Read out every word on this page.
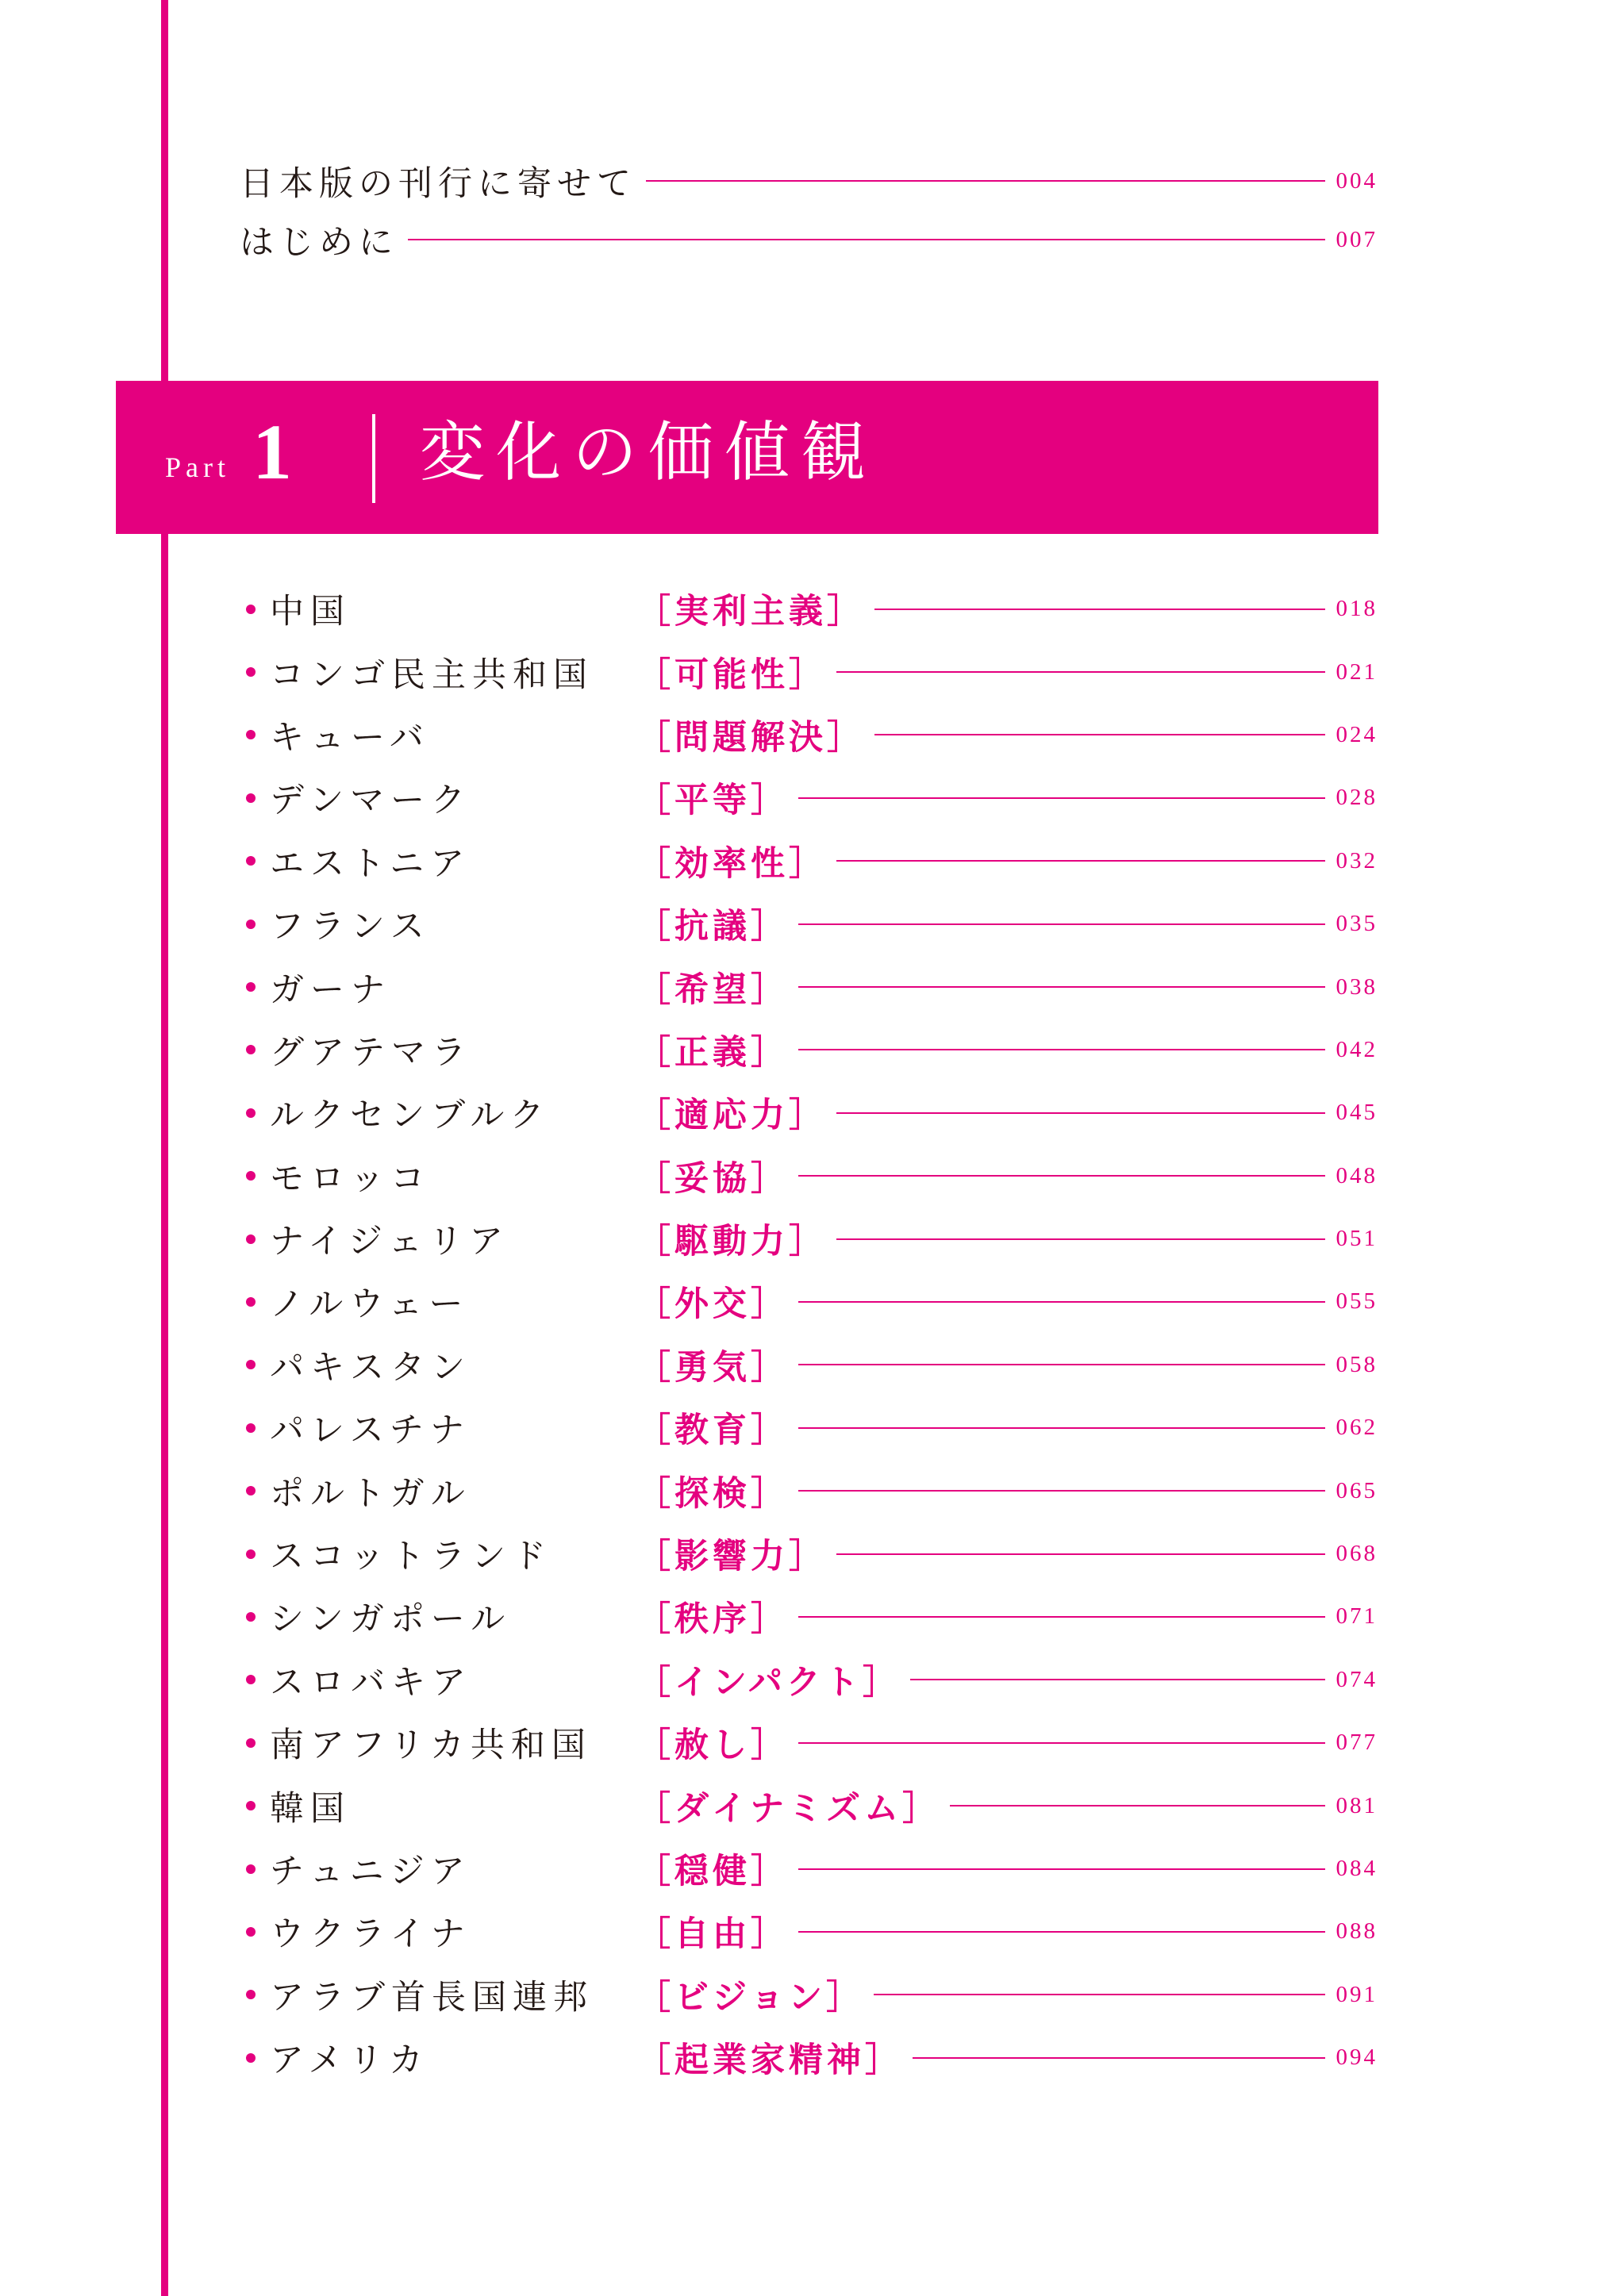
日本版の刊行に寄せて	004
はじめに	007
Part 1 変化の価値観
中国	［実利主義］	018
コンゴ民主共和国	［可能性］	021
キューバ	［問題解決］	024
デンマーク	［平等］	028
エストニア	［効率性］	032
フランス	［抗議］	035
ガーナ	［希望］	038
グアテマラ	［正義］	042
ルクセンブルク	［適応力］	045
モロッコ	［妥協］	048
ナイジェリア	［駆動力］	051
ノルウェー	［外交］	055
パキスタン	［勇気］	058
パレスチナ	［教育］	062
ポルトガル	［探検］	065
スコットランド	［影響力］	068
シンガポール	［秩序］	071
スロバキア	［インパクト］	074
南アフリカ共和国	［赦し］	077
韓国	［ダイナミズム］	081
チュニジア	［穏健］	084
ウクライナ	［自由］	088
アラブ首長国連邦	［ビジョン］	091
アメリカ	［起業家精神］	094
